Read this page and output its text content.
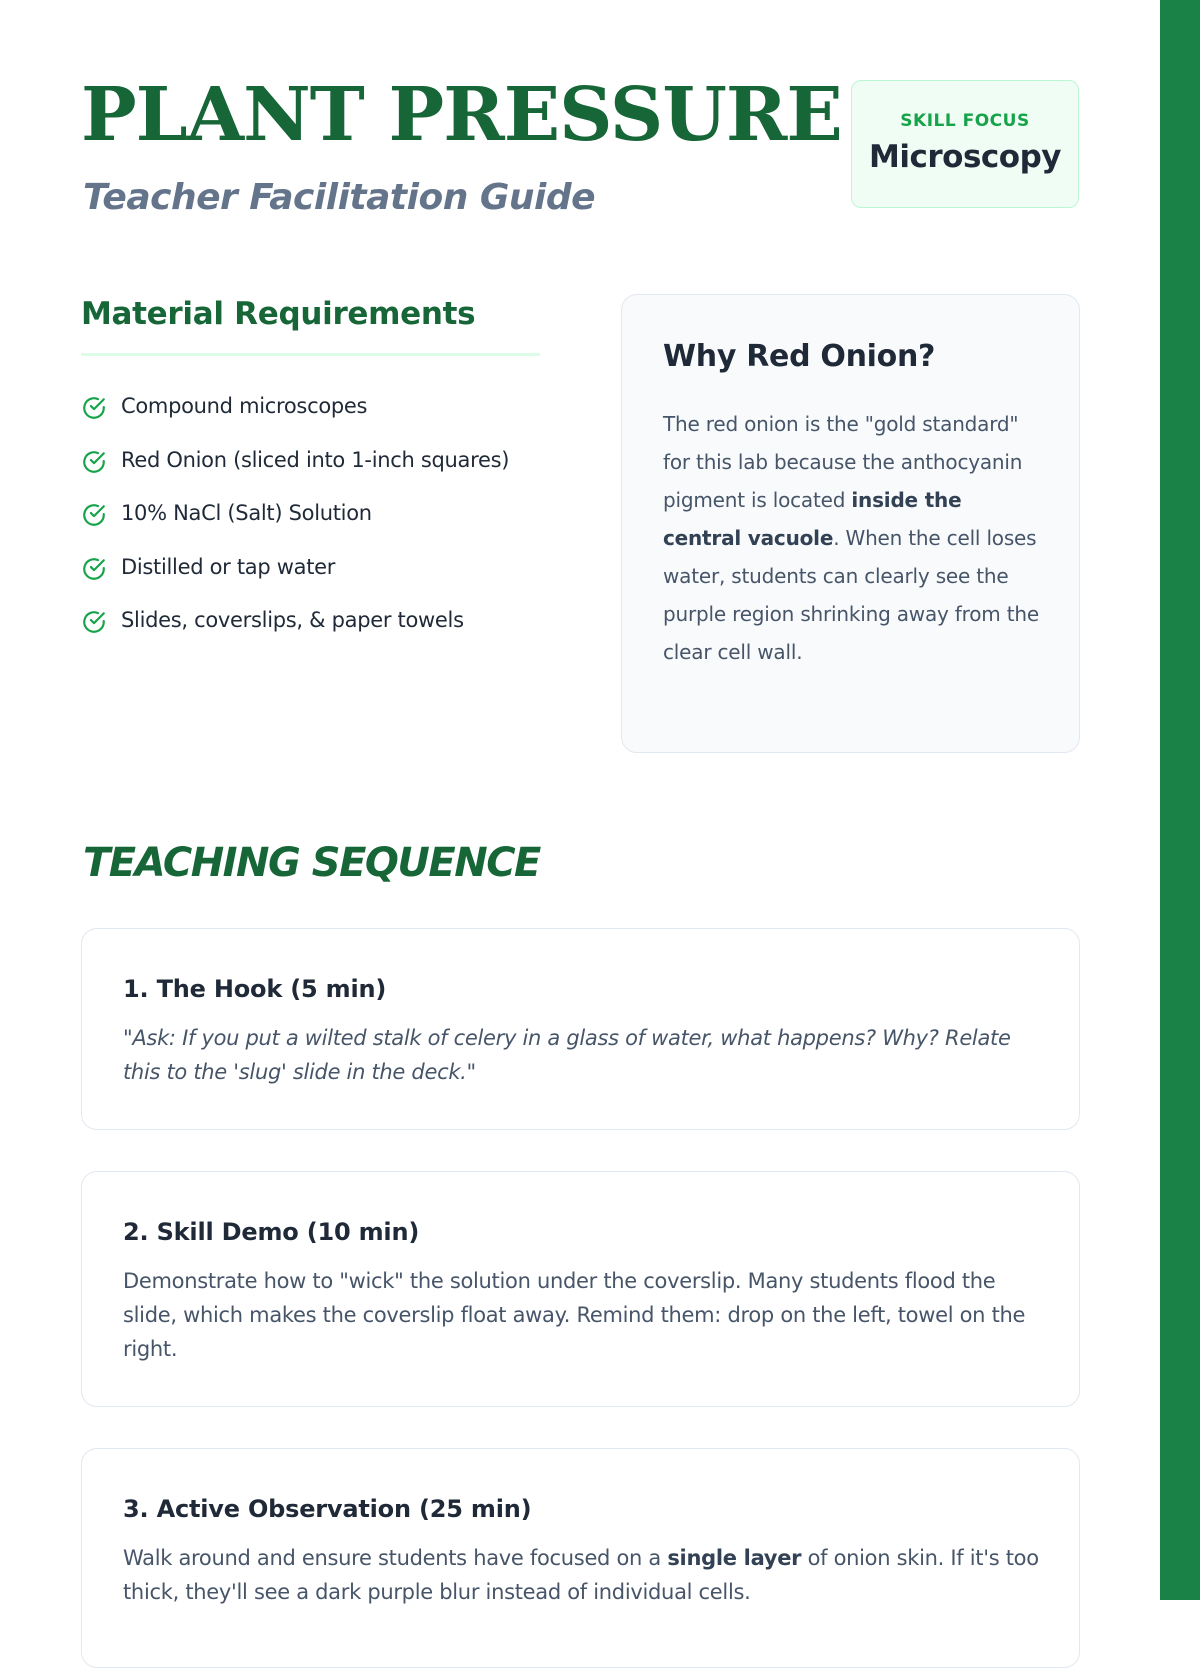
PLANT PRESSURE
Teacher Facilitation Guide
SKILL FOCUS
Microscopy
Material Requirements
Compound microscopes
Red Onion (sliced into 1-inch squares)
10% NaCl (Salt) Solution
Distilled or tap water
Slides, coverslips, & paper towels
Why Red Onion?

The red onion is the "gold standard" for this lab because the anthocyanin pigment is located inside the central vacuole. When the cell loses water, students can clearly see the purple region shrinking away from the clear cell wall.

TEACHING SEQUENCE
1. The Hook (5 min)

"Ask: If you put a wilted stalk of celery in a glass of water, what happens? Why? Relate this to the 'slug' slide in the deck."

2. Skill Demo (10 min)

Demonstrate how to "wick" the solution under the coverslip. Many students flood the slide, which makes the coverslip float away. Remind them: drop on the left, towel on the right.

3. Active Observation (25 min)

Walk around and ensure students have focused on a single layer of onion skin. If it's too thick, they'll see a dark purple blur instead of individual cells.
